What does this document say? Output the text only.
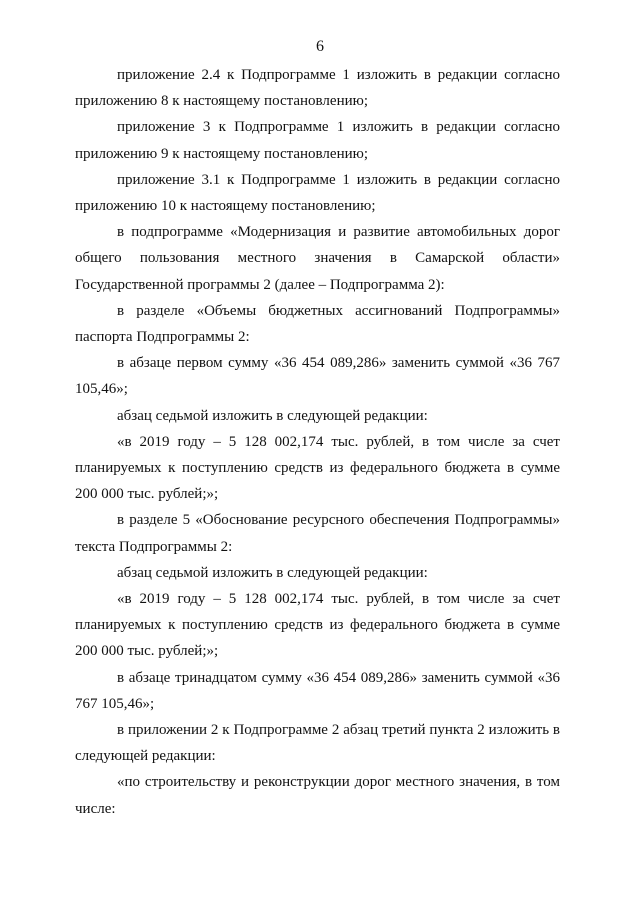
6

приложение 2.4 к Подпрограмме 1 изложить в редакции согласно приложению 8 к настоящему постановлению;

приложение 3 к Подпрограмме 1 изложить в редакции согласно приложению 9 к настоящему постановлению;

приложение 3.1 к Подпрограмме 1 изложить в редакции согласно приложению 10 к настоящему постановлению;

в подпрограмме «Модернизация и развитие автомобильных дорог общего пользования местного значения в Самарской области» Государственной программы 2 (далее – Подпрограмма 2):

в разделе «Объемы бюджетных ассигнований Подпрограммы» паспорта Подпрограммы 2:

в абзаце первом сумму «36 454 089,286» заменить суммой «36 767 105,46»;

абзац седьмой изложить в следующей редакции:

«в 2019 году – 5 128 002,174 тыс. рублей, в том числе за счет планируемых к поступлению средств из федерального бюджета в сумме 200 000 тыс. рублей;»;

в разделе 5 «Обоснование ресурсного обеспечения Подпрограммы» текста Подпрограммы 2:

абзац седьмой изложить в следующей редакции:

«в 2019 году – 5 128 002,174 тыс. рублей, в том числе за счет планируемых к поступлению средств из федерального бюджета в сумме 200 000 тыс. рублей;»;

в абзаце тринадцатом сумму «36 454 089,286» заменить суммой «36 767 105,46»;

в приложении 2 к Подпрограмме 2 абзац третий пункта 2 изложить в следующей редакции:

«по строительству и реконструкции дорог местного значения, в том числе:
